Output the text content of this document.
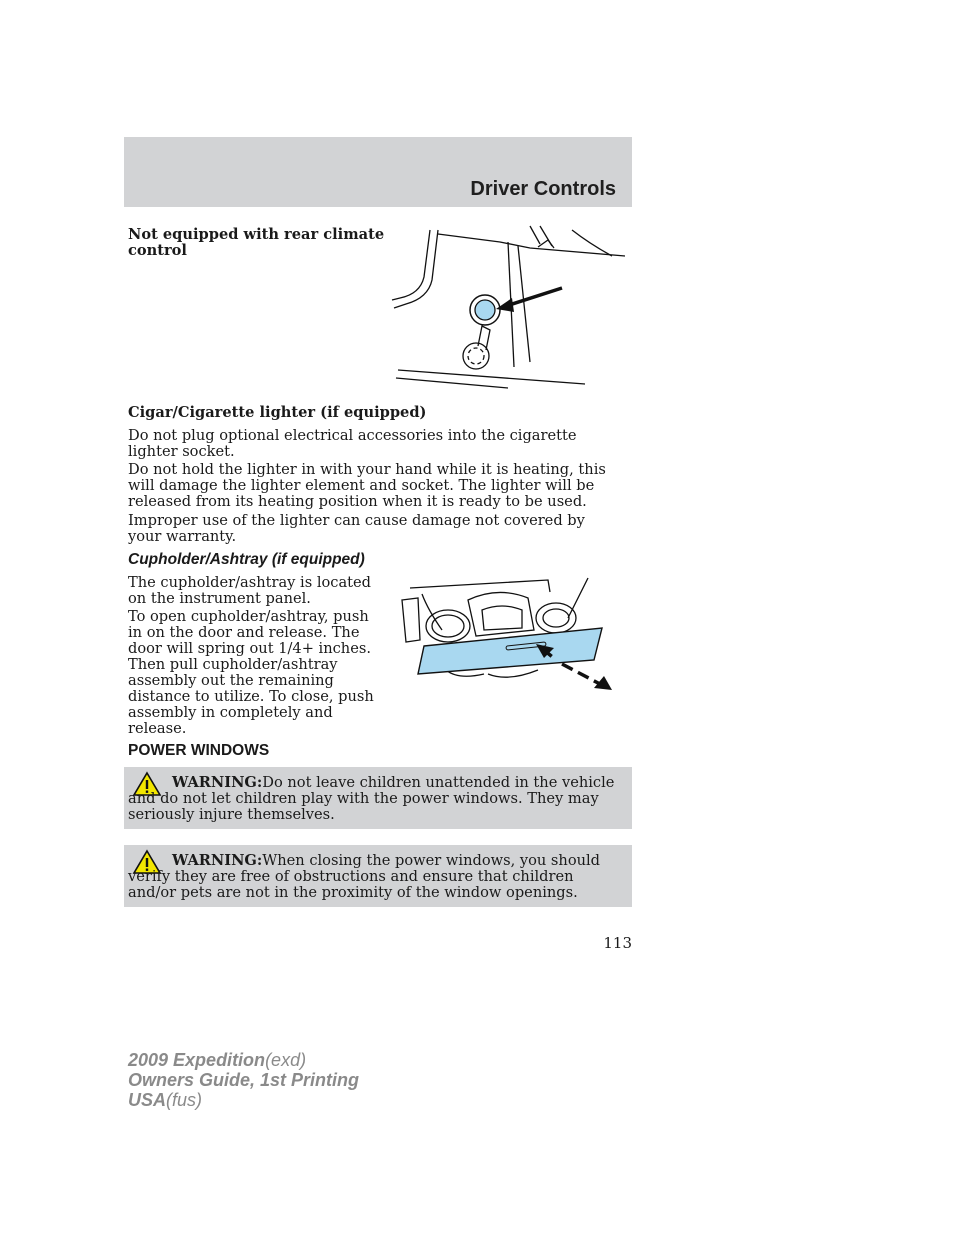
Driver Controls
Not equipped with rear climate
control
Cigar/Cigarette lighter (if equipped)
Do not plug optional electrical accessories into the cigarette lighter socket.
Do not hold the lighter in with your hand while it is heating, this will damage the lighter element and socket. The lighter will be released from its heating position when it is ready to be used.
Improper use of the lighter can cause damage not covered by your warranty.
Cupholder/Ashtray (if equipped)
The cupholder/ashtray is located on the instrument panel.
To open cupholder/ashtray, push in on the door and release. The door will spring out 1/4+ inches. Then pull cupholder/ashtray assembly out the remaining distance to utilize. To close, push assembly in completely and release.
POWER WINDOWS
WARNING:Do not leave children unattended in the vehicle and do not let children play with the power windows. They may seriously injure themselves.
WARNING:When closing the power windows, you should verify they are free of obstructions and ensure that children and/or pets are not in the proximity of the window openings.
113
2009 Expedition(exd)
Owners Guide, 1st Printing
USA(fus)
